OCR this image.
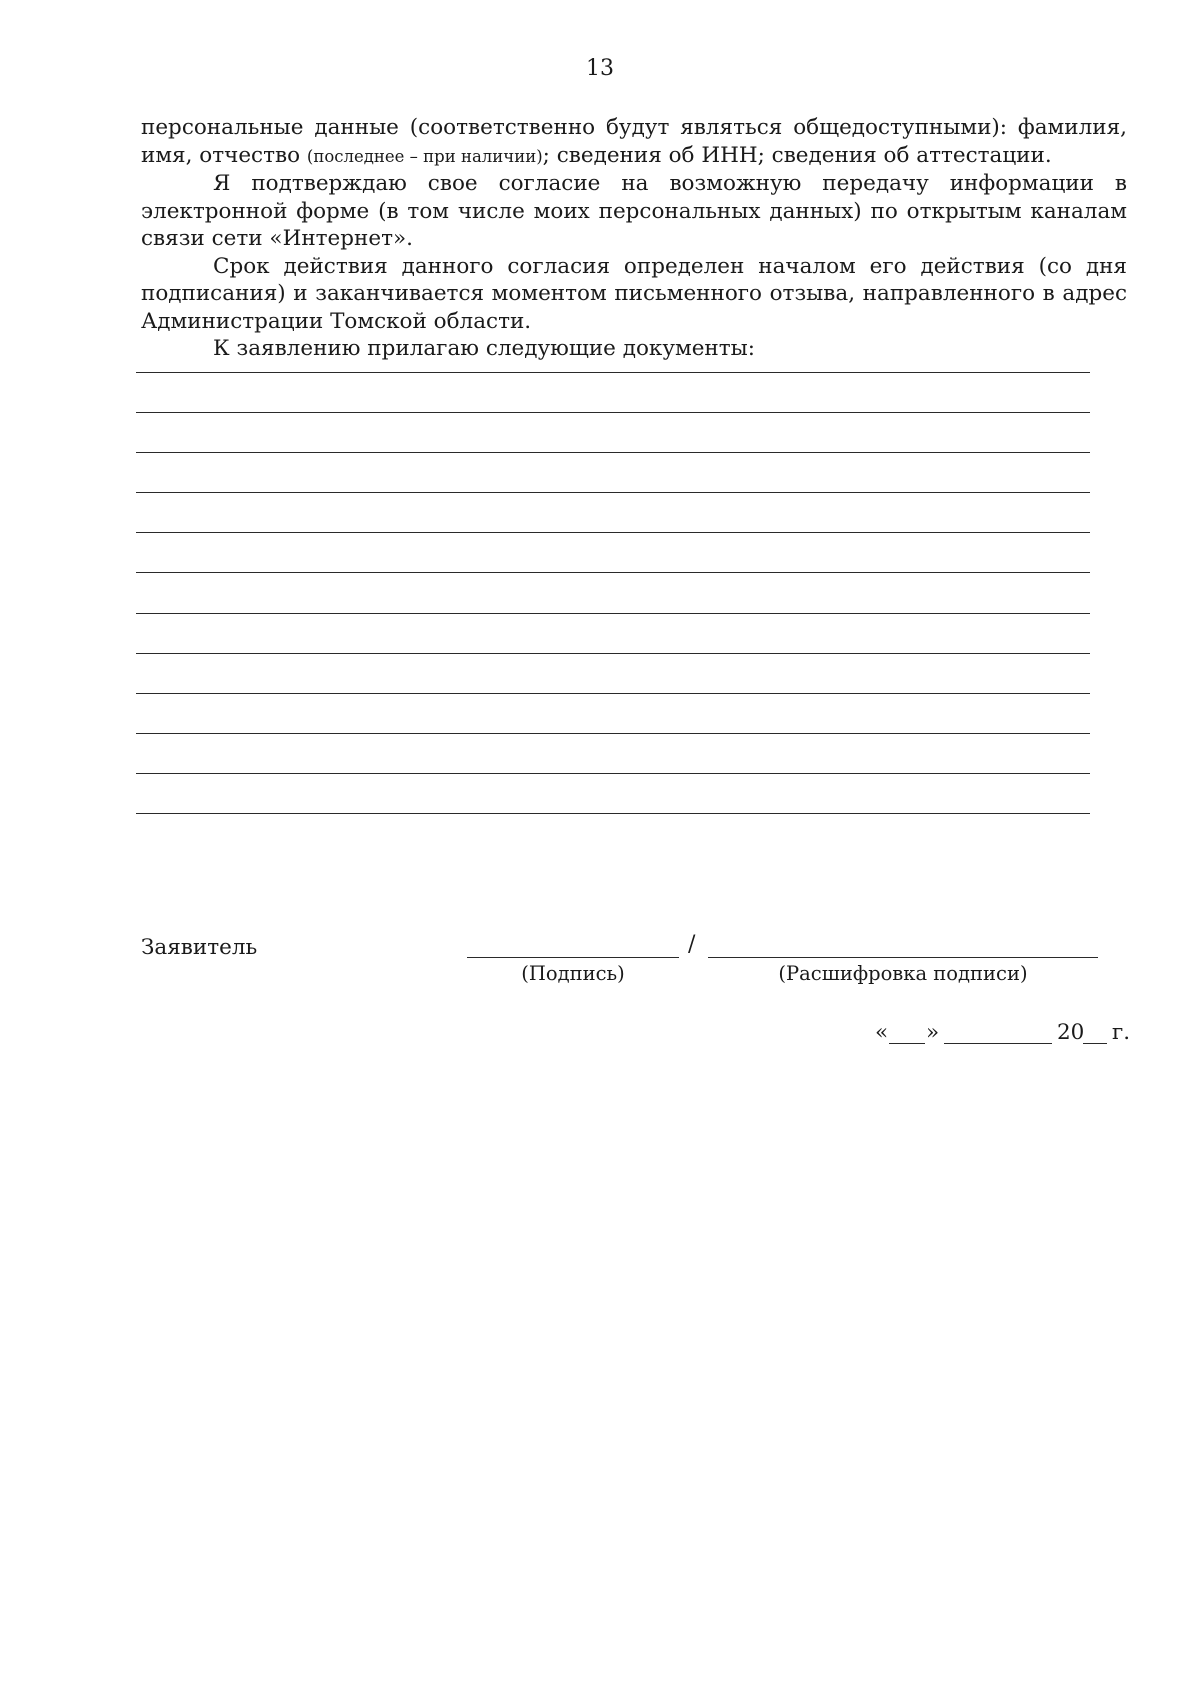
13

персональные данные (соответственно будут являться общедоступными): фамилия, имя, отчество (последнее – при наличии); сведения об ИНН; сведения об аттестации.

Я подтверждаю свое согласие на возможную передачу информации в электронной форме (в том числе моих персональных данных) по открытым каналам связи сети «Интернет».

Срок действия данного согласия определен началом его действия (со дня подписания) и заканчивается моментом письменного отзыва, направленного в адрес Администрации Томской области.

К заявлению прилагаю следующие документы:

Заявитель	/
(Подпись)	(Расшифровка подписи)
« »	20 г.
